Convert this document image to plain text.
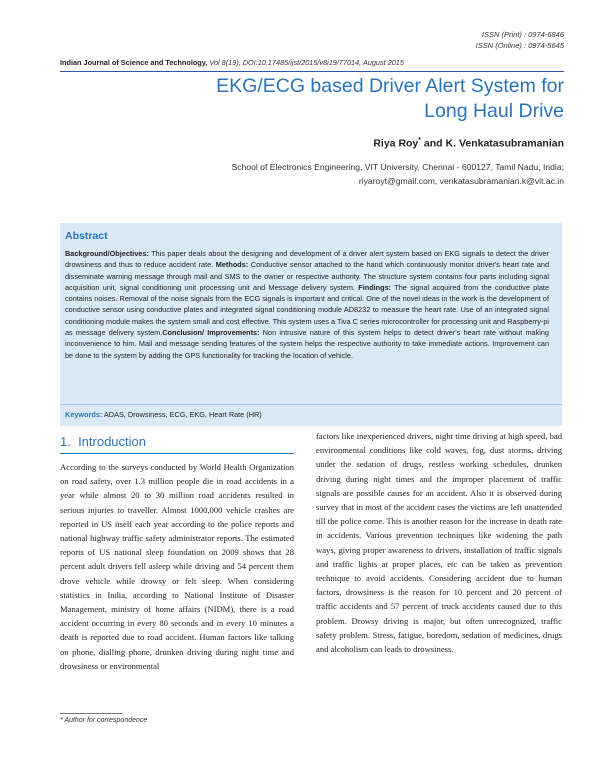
ISSN (Print) : 0974-6846
ISSN (Online) : 0974-5645
Indian Journal of Science and Technology, Vol 8(19), DOI:10.17485/ijst/2015/v8i19/77014, August 2015
EKG/ECG based Driver Alert System for
Long Haul Drive
Riya Roy* and K. Venkatasubramanian
School of Electronics Engineering, VIT University, Chennai - 600127, Tamil Nadu, India;
riyaroyt@gmail.com, venkatasubramanian.k@vit.ac.in
Abstract
Background/Objectives: This paper deals about the designing and development of a driver alert system based on EKG signals to detect the driver drowsiness and thus to reduce accident rate. Methods: Conductive sensor attached to the hand which continuously monitor driver's heart rate and disseminate warning message through mail and SMS to the owner or respective authority. The structure system contains four parts including signal acquisition unit, signal conditioning unit processing unit and Message delivery system. Findings: The signal acquired from the conductive plate contains noises. Removal of the noise signals from the ECG signals is important and critical. One of the novel ideas in the work is the development of conductive sensor using conductive plates and integrated signal conditioning module AD8232 to measure the heart rate. Use of an integrated signal conditioning module makes the system small and cost effective. This system uses a Tiva C series microcontroller for processing unit and Raspberry-pi as message delivery system.Conclusion/ Improvements: Non intrusive nature of this system helps to detect driver's heart rate without making inconvenience to him. Mail and message sending features of the system helps the respective authority to take immediate actions. Improvement can be done to the system by adding the GPS functionality for tracking the location of vehicle.
Keywords: ADAS, Drowsiness, ECG, EKG, Heart Rate (HR)
1.  Introduction

According to the surveys conducted by World Health Organization on road safety, over 1.3 million people die in road accidents in a year while almost 20 to 30 million road accidents resulted in serious injuries to traveller. Almost 1000,000 vehicle crashes are reported in US itself each year according to the police reports and national highway traffic safety administrator reports. The estimated reports of US national sleep foundation on 2009 shows that 28 percent adult drivers fell asleep while driving and 54 percent them drove vehicle while drowsy or felt sleep. When considering statistics in India, according to National Institute of Disaster Management, ministry of home affairs (NIDM), there is a road accident occurring in every 80 seconds and in every 10 minutes a death is reported due to road accident. Human factors like talking on phone, dialling phone, drunken driving during night time and drowsiness or environmental

factors like inexperienced drivers, night time driving at high speed, bad environmental conditions like cold waves, fog, dust storms, driving under the sedation of drugs, restless working schedules, drunken driving during night times and the improper placement of traffic signals are possible causes for an accident. Also it is observed during survey that in most of the accident cases the victims are left unattended till the police come. This is another reason for the increase in death rate in accidents. Various prevention techniques like widening the path ways, giving proper awareness to drivers, installation of traffic signals and traffic lights at proper places, etc can be taken as prevention technique to avoid accidents. Considering accident due to human factors, drowsiness is the reason for 10 percent and 20 percent of traffic accidents and 57 percent of truck accidents caused due to this problem. Drowsy driving is major, but often unrecognized, traffic safety problem. Stress, fatigue, boredom, sedation of medicines, drugs and alcoholism can leads to drowsiness.

* Author for correspondence
